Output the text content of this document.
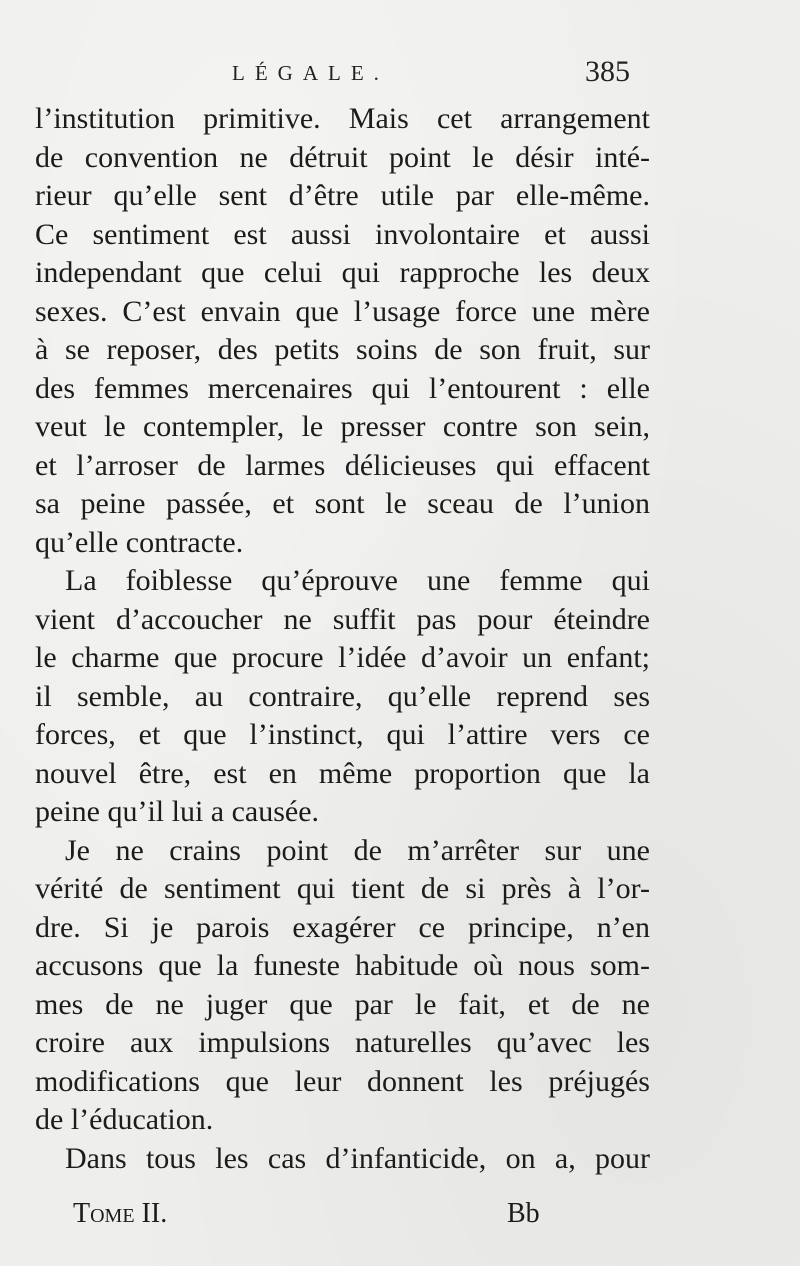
LÉGALE.	385
l’institution primitive. Mais cet arrangement
de convention ne détruit point le désir inté-
rieur qu’elle sent d’être utile par elle-même.
Ce sentiment est aussi involontaire et aussi
independant que celui qui rapproche les deux
sexes. C’est envain que l’usage force une mère
à se reposer, des petits soins de son fruit, sur
des femmes mercenaires qui l’entourent : elle
veut le contempler, le presser contre son sein,
et l’arroser de larmes délicieuses qui effacent
sa peine passée, et sont le sceau de l’union
qu’elle contracte.
La foiblesse qu’éprouve une femme qui
vient d’accoucher ne suffit pas pour éteindre
le charme que procure l’idée d’avoir un enfant;
il semble, au contraire, qu’elle reprend ses
forces, et que l’instinct, qui l’attire vers ce
nouvel être, est en même proportion que la
peine qu’il lui a causée.
Je ne crains point de m’arrêter sur une
vérité de sentiment qui tient de si près à l’or-
dre. Si je parois exagérer ce principe, n’en
accusons que la funeste habitude où nous som-
mes de ne juger que par le fait, et de ne
croire aux impulsions naturelles qu’avec les
modifications que leur donnent les préjugés
de l’éducation.
Dans tous les cas d’infanticide, on a, pour
Tome II.	Bb
